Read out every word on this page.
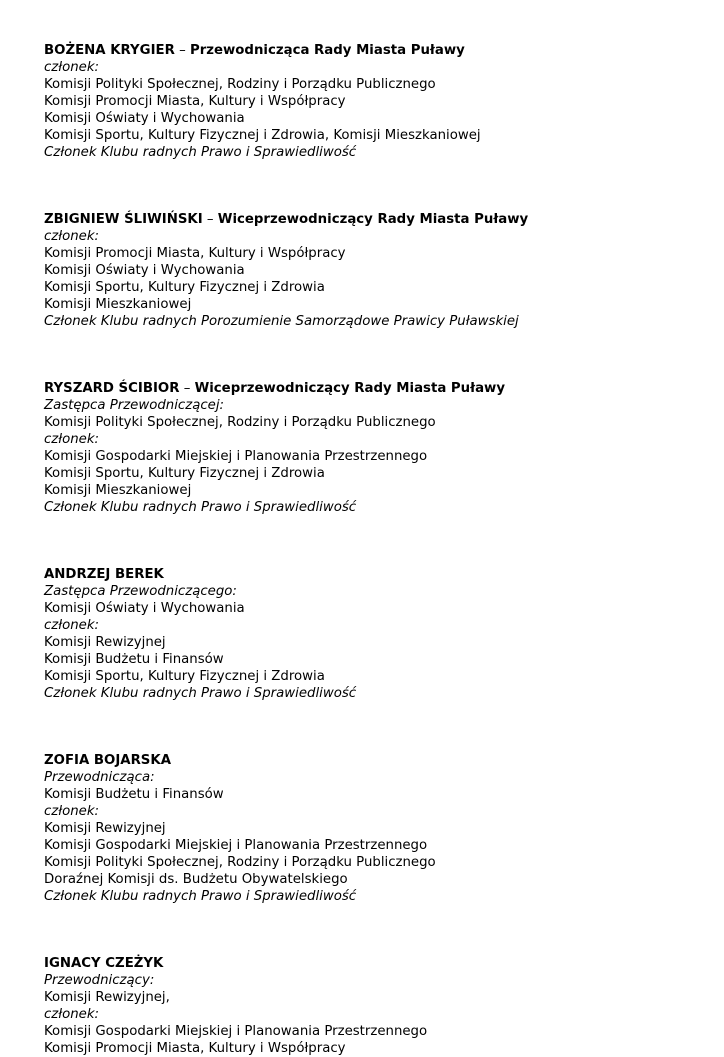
BOŻENA KRYGIER – Przewodnicząca Rady Miasta Puławy
członek:
Komisji Polityki Społecznej, Rodziny i Porządku Publicznego
Komisji Promocji Miasta, Kultury i Współpracy
Komisji Oświaty i Wychowania
Komisji Sportu, Kultury Fizycznej i Zdrowia, Komisji Mieszkaniowej
Członek Klubu radnych Prawo i Sprawiedliwość
ZBIGNIEW ŚLIWIŃSKI – Wiceprzewodniczący Rady Miasta Puławy
członek:
Komisji Promocji Miasta, Kultury i Współpracy
Komisji Oświaty i Wychowania
Komisji Sportu, Kultury Fizycznej i Zdrowia
Komisji Mieszkaniowej
Członek Klubu radnych Porozumienie Samorządowe Prawicy Puławskiej
RYSZARD ŚCIBIOR – Wiceprzewodniczący Rady Miasta Puławy
Zastępca Przewodniczącej:
Komisji Polityki Społecznej, Rodziny i Porządku Publicznego
członek:
Komisji Gospodarki Miejskiej i Planowania Przestrzennego
Komisji Sportu, Kultury Fizycznej i Zdrowia
Komisji Mieszkaniowej
Członek Klubu radnych Prawo i Sprawiedliwość
ANDRZEJ BEREK
Zastępca Przewodniczącego:
Komisji Oświaty i Wychowania
członek:
Komisji Rewizyjnej
Komisji Budżetu i Finansów
Komisji Sportu, Kultury Fizycznej i Zdrowia
Członek Klubu radnych Prawo i Sprawiedliwość
ZOFIA BOJARSKA
Przewodnicząca:
Komisji Budżetu i Finansów
członek:
Komisji Rewizyjnej
Komisji Gospodarki Miejskiej i Planowania Przestrzennego
Komisji Polityki Społecznej, Rodziny i Porządku Publicznego
Doraźnej Komisji ds. Budżetu Obywatelskiego
Członek Klubu radnych Prawo i Sprawiedliwość
IGNACY CZEŻYK
Przewodniczący:
Komisji Rewizyjnej,
członek:
Komisji Gospodarki Miejskiej i Planowania Przestrzennego
Komisji Promocji Miasta, Kultury i Współpracy
